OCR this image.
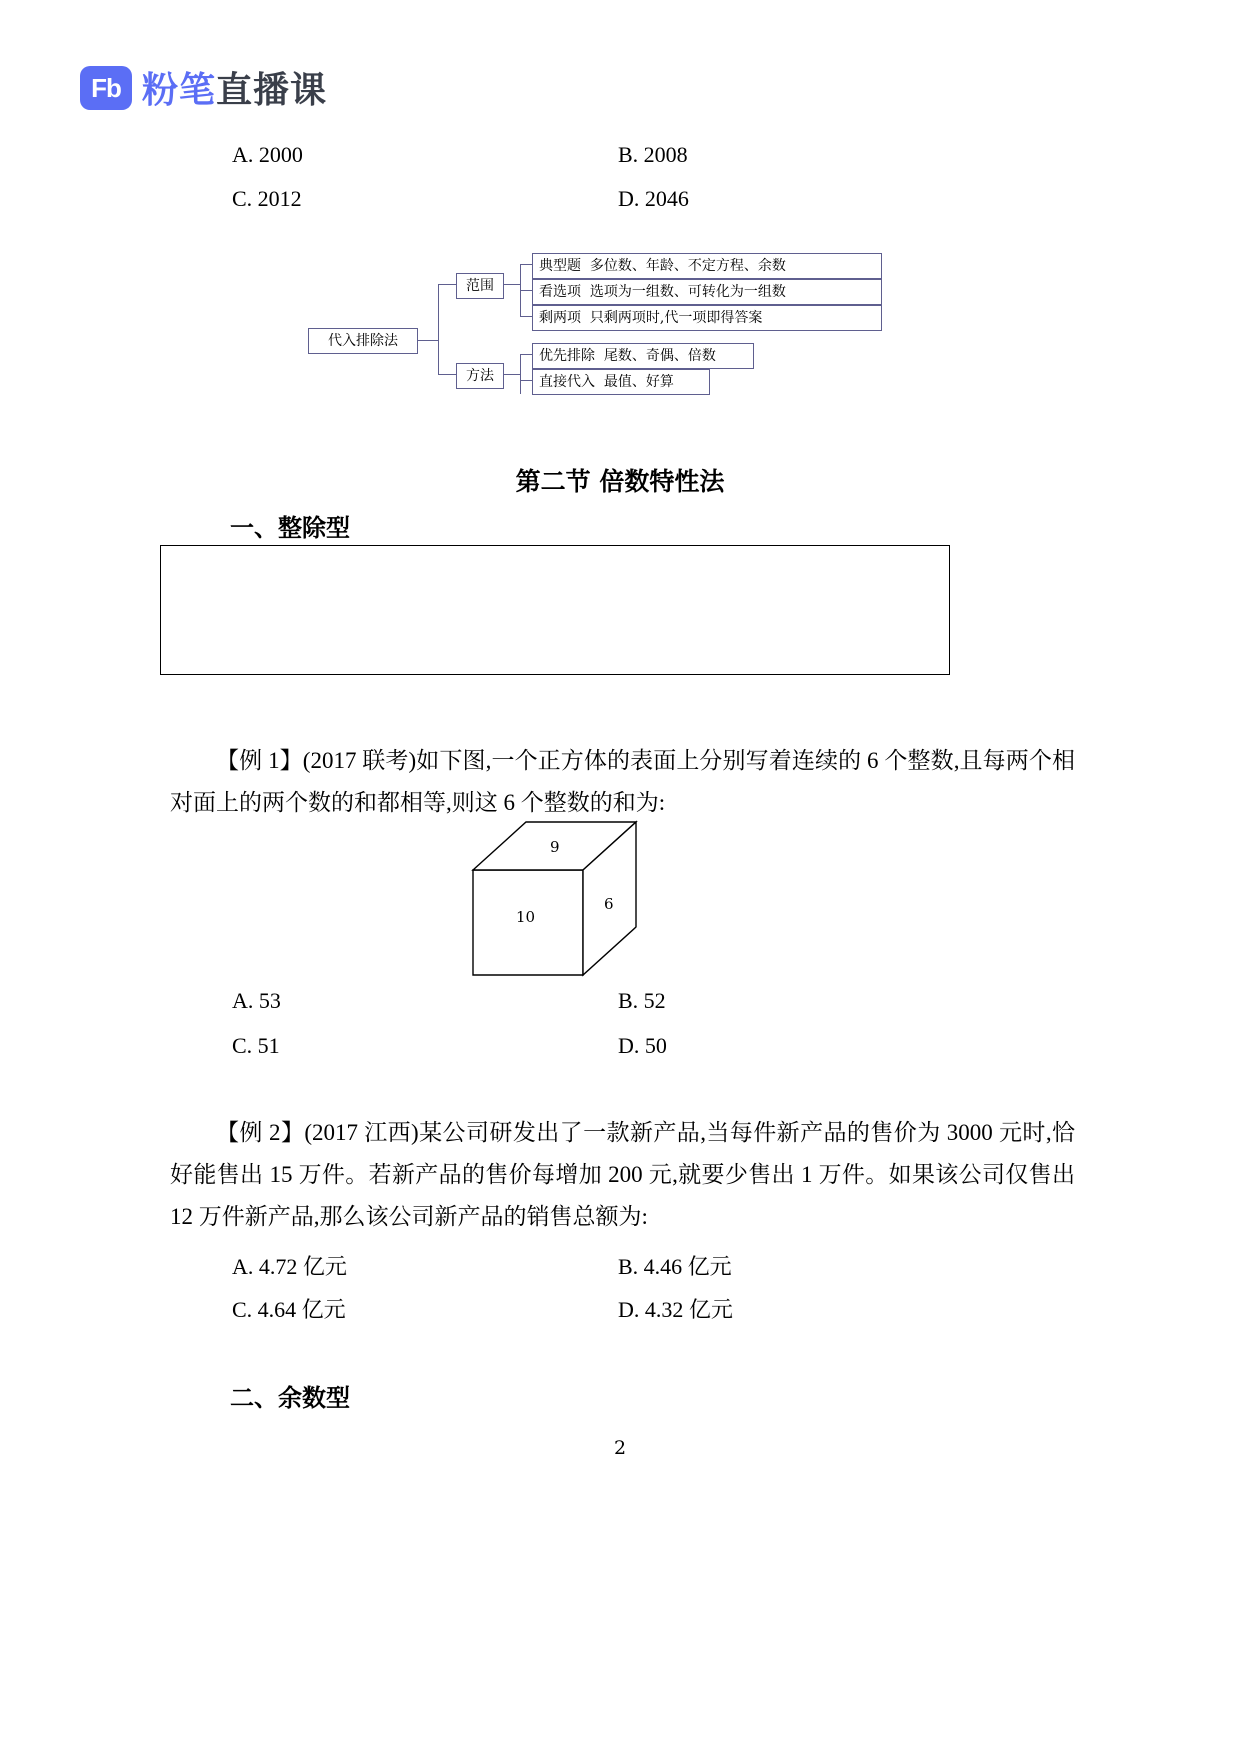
Fb 粉笔直播课
A. 2000	B. 2008
C. 2012	D. 2046
代入排除法
范围
典型题 多位数、年龄、不定方程、余数
看选项 选项为一组数、可转化为一组数
剩两项 只剩两项时,代一项即得答案
方法
优先排除 尾数、奇偶、倍数
直接代入 最值、好算
第二节 倍数特性法
一、整除型
【例 1】(2017 联考)如下图,一个正方体的表面上分别写着连续的 6 个整数,且每两个相对面上的两个数的和都相等,则这 6 个整数的和为:
9
10
6
A. 53	B. 52
C. 51	D. 50
【例 2】(2017 江西)某公司研发出了一款新产品,当每件新产品的售价为 3000 元时,恰好能售出 15 万件。若新产品的售价每增加 200 元,就要少售出 1 万件。如果该公司仅售出 12 万件新产品,那么该公司新产品的销售总额为:
A. 4.72 亿元	B. 4.46 亿元
C. 4.64 亿元	D. 4.32 亿元
二、余数型
2
